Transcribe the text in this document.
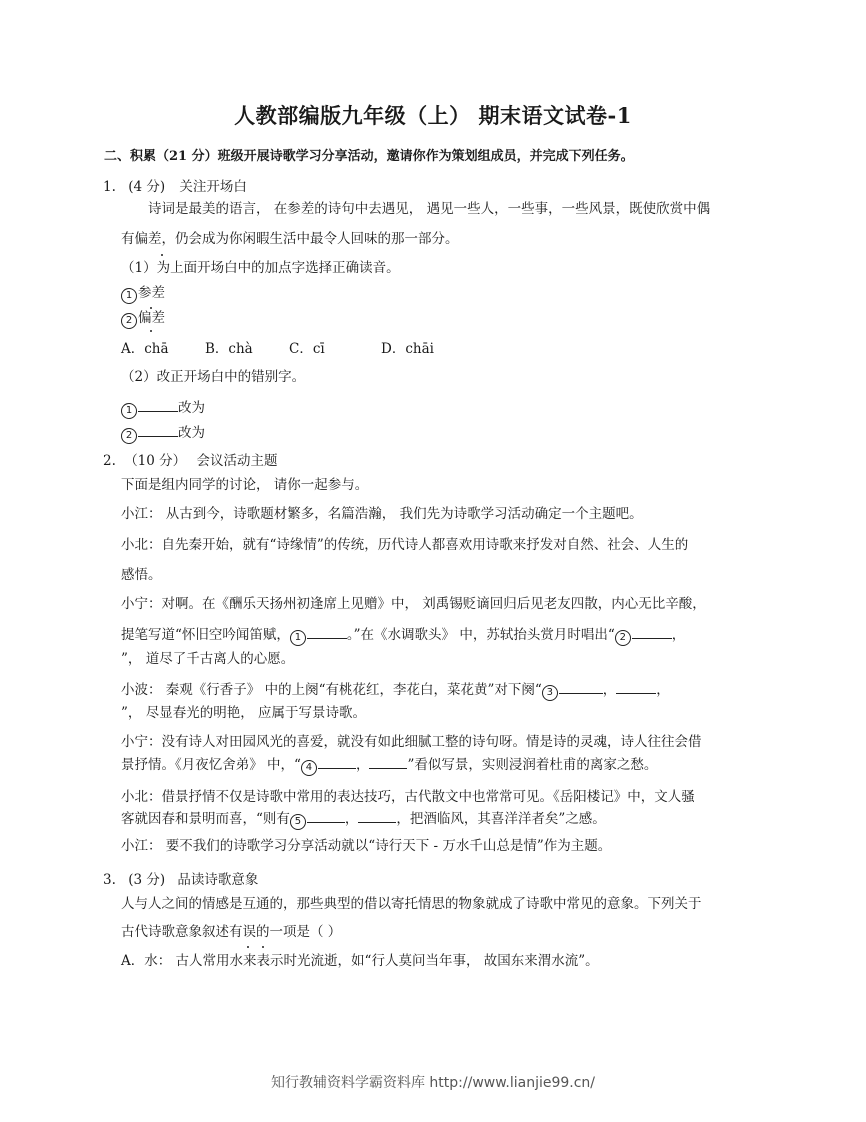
人教部编版九年级（上） 期末语文试卷-1
二、积累（21 分）班级开展诗歌学习分享活动，邀请你作为策划组成员，并完成下列任务。
1. (4 分) 关注开场白
诗词是最美的语言， 在参差的诗句中去遇见， 遇见一些人，一些事，一些风景，既使欣赏中偶
有偏差，仍会成为你闲暇生活中最令人回味的那一部分。
（1）为上面开场白中的加点字选择正确读音。
1 参差
2 偏差
A．chā	B．chà	C．cī	D．chāi
（2）改正开场白中的错别字。
1	改为
2	改为
2. （10 分） 会议活动主题
下面是组内同学的讨论， 请你一起参与。
小江： 从古到今，诗歌题材繁多，名篇浩瀚， 我们先为诗歌学习活动确定一个主题吧。
小北：自先秦开始，就有“诗缘情”的传统，历代诗人都喜欢用诗歌来抒发对自然、社会、人生的
感悟。
小宁：对啊。在《酬乐天扬州初逢席上见赠》中， 刘禹锡贬谪回归后见老友四散，内心无比辛酸，
提笔写道“怀旧空吟闻笛赋， 1	。”在《水调歌头》 中，苏轼抬头赏月时唱出“ 2	，
”， 道尽了千古离人的心愿。
小波： 秦观《行香子》 中的上阕“有桃花红，李花白，菜花黄”对下阕“ 3	，	，
”， 尽显春光的明艳， 应属于写景诗歌。
小宁：没有诗人对田园风光的喜爱，就没有如此细腻工整的诗句呀。情是诗的灵魂，诗人往往会借
景抒情。《月夜忆舍弟》 中，“ 4	，	”看似写景，实则浸润着杜甫的离家之愁。
小北：借景抒情不仅是诗歌中常用的表达技巧，古代散文中也常常可见。《岳阳楼记》中，文人骚
客就因春和景明而喜，“则有 5	，	，把酒临风，其喜洋洋者矣”之感。
小江： 要不我们的诗歌学习分享活动就以“诗行天下 - 万水千山总是情”作为主题。
3. (3 分) 品读诗歌意象
人与人之间的情感是互通的，那些典型的借以寄托情思的物象就成了诗歌中常见的意象。下列关于
古代诗歌意象叙述有误的一项是（ ）
A．水： 古人常用水来表示时光流逝，如“行人莫问当年事， 故国东来渭水流”。
知行教辅资料学霸资料库 http://www.lianjie99.cn/
